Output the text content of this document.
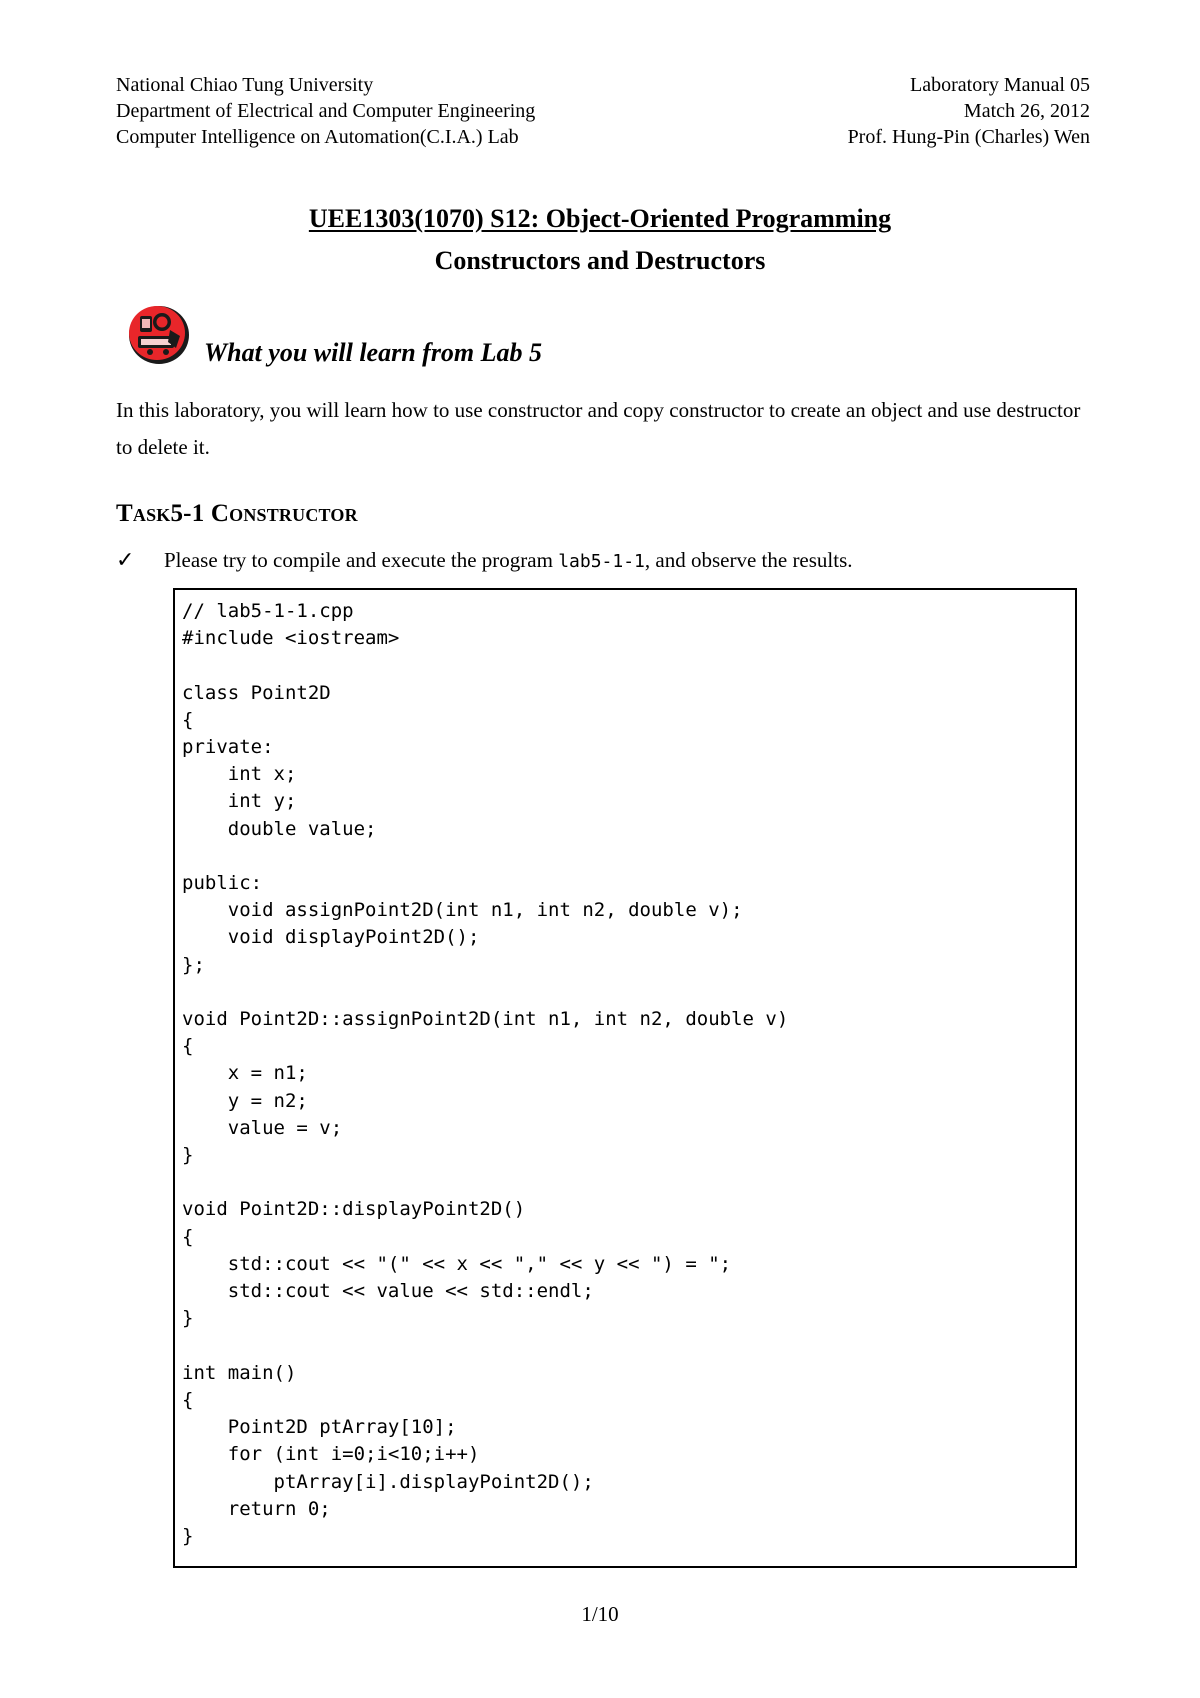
National Chiao Tung University
Department of Electrical and Computer Engineering
Computer Intelligence on Automation(C.I.A.) Lab
Laboratory Manual 05
Match 26, 2012
Prof. Hung-Pin (Charles) Wen
UEE1303(1070) S12: Object-Oriented Programming
Constructors and Destructors
What you will learn from Lab 5
In this laboratory, you will learn how to use constructor and copy constructor to create an object and use destructor to delete it.
Task5-1 Constructor
✓ Please try to compile and execute the program lab5-1-1, and observe the results.
// lab5-1-1.cpp
#include <iostream>

class Point2D
{
private:
int x;
int y;
double value;

public:
void assignPoint2D(int n1, int n2, double v);
void displayPoint2D();
};

void Point2D::assignPoint2D(int n1, int n2, double v)
{
x = n1;
y = n2;
value = v;
}

void Point2D::displayPoint2D()
{
std::cout << "(" << x << "," << y << ") = ";
std::cout << value << std::endl;
}

int main()
{
Point2D ptArray[10];
for (int i=0;i<10;i++)
ptArray[i].displayPoint2D();
return 0;
}
1/10
